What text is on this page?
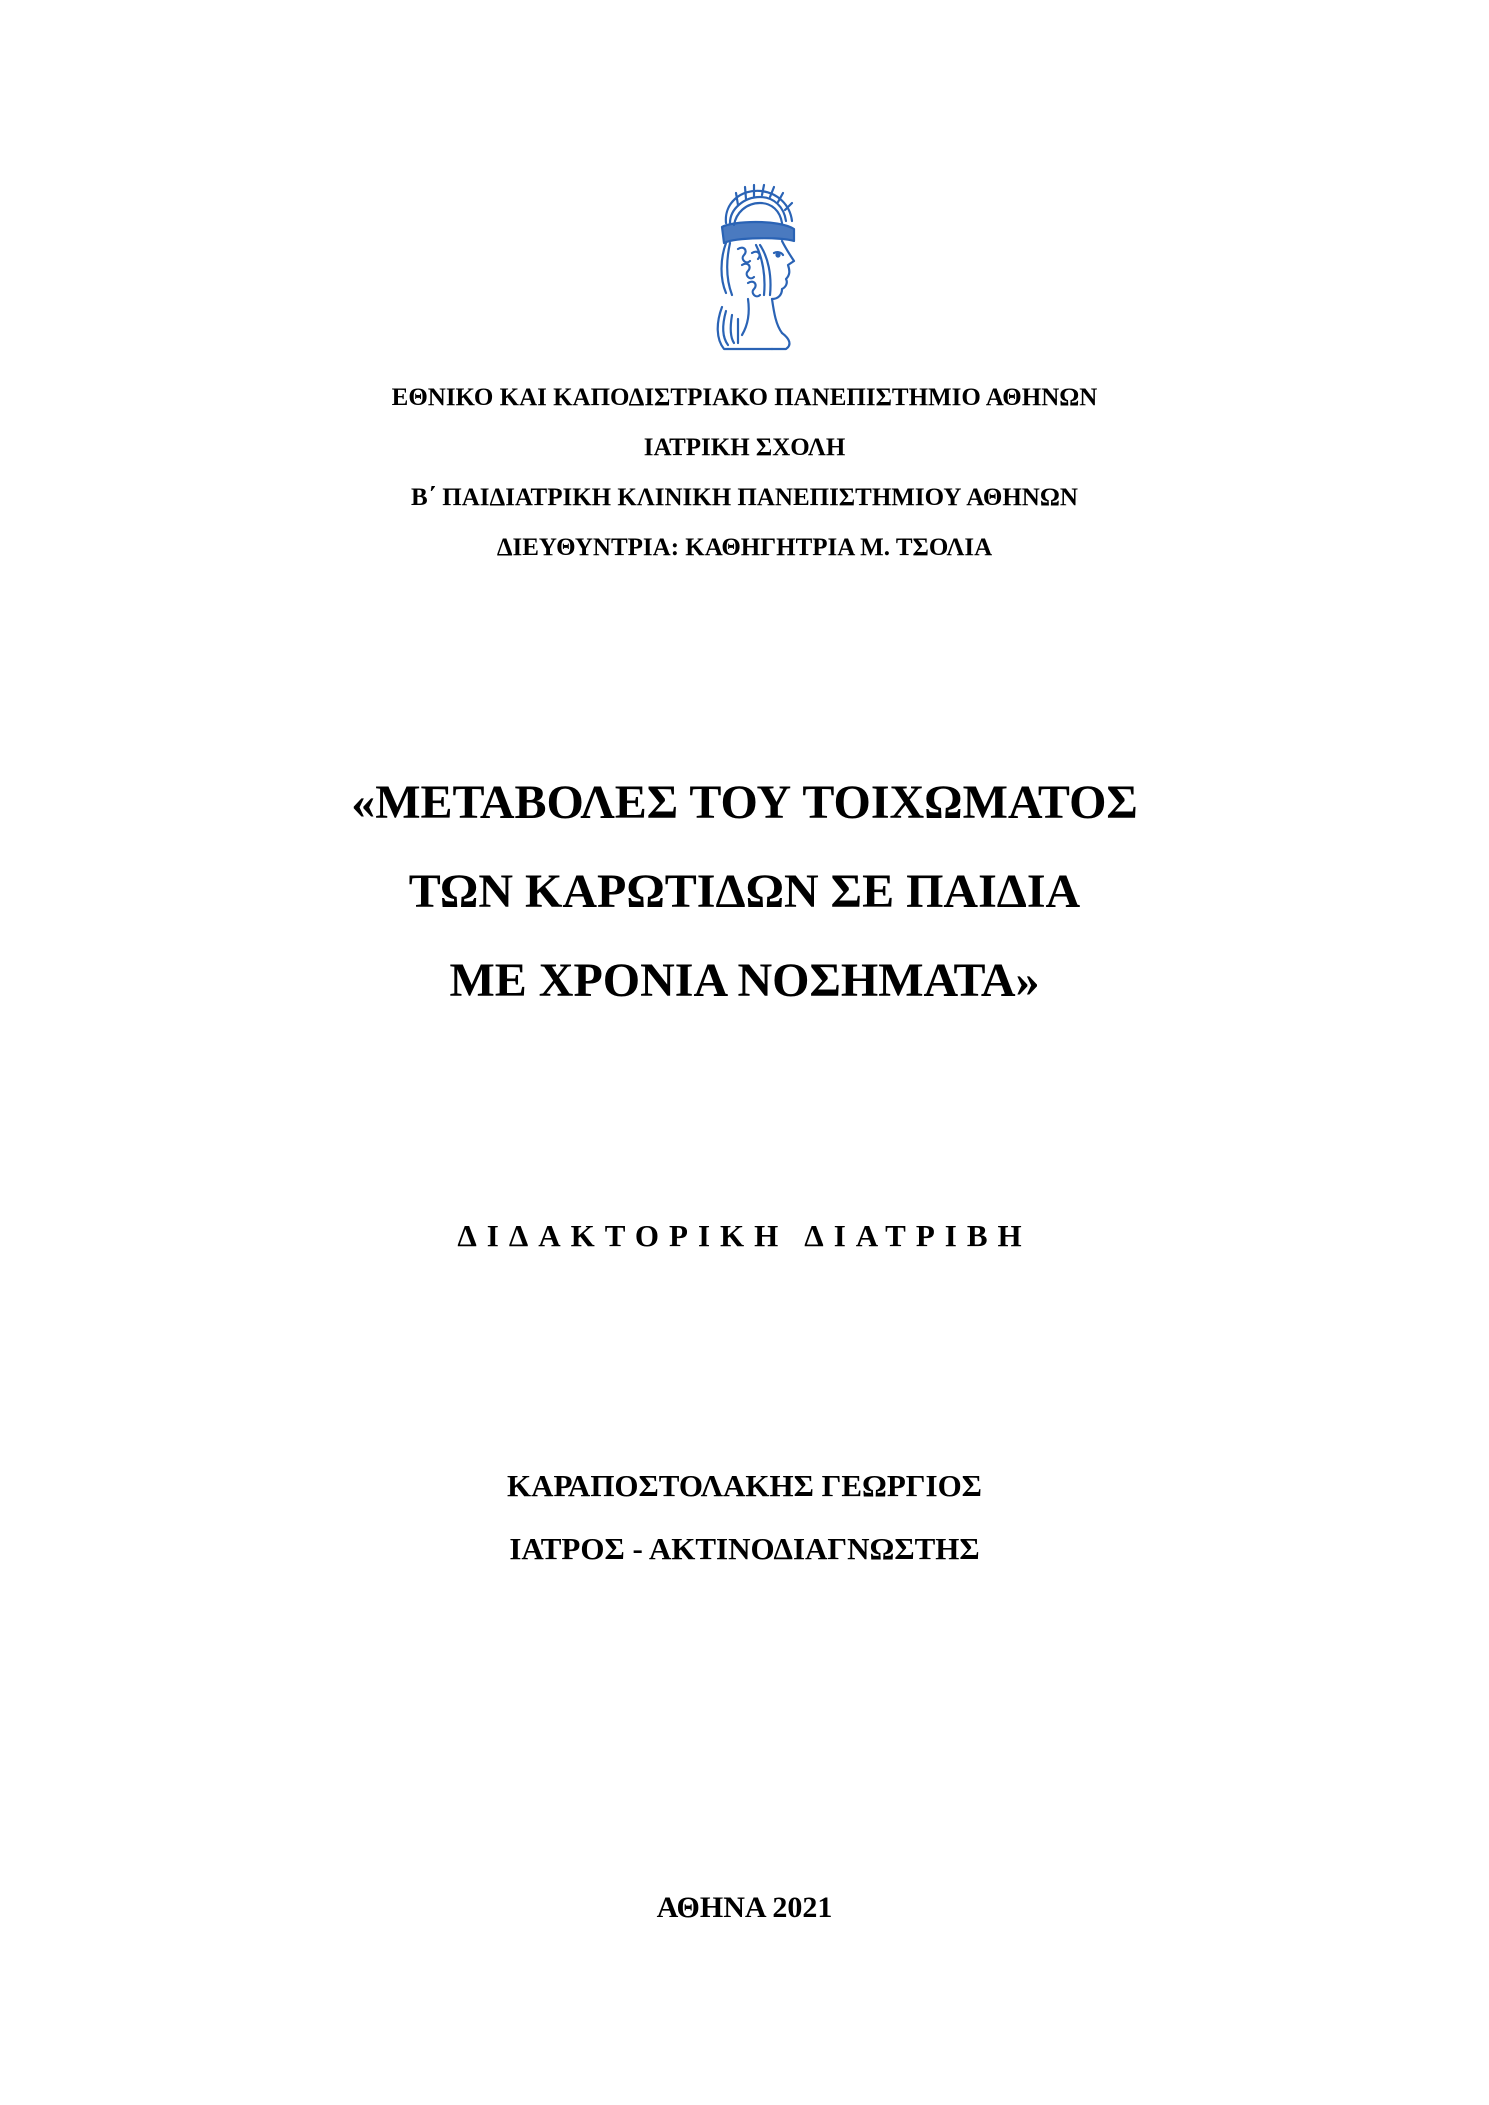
ΕΘΝΙΚΟ ΚΑΙ ΚΑΠΟΔΙΣΤΡΙΑΚΟ ΠΑΝΕΠΙΣΤΗΜΙΟ ΑΘΗΝΩΝ
ΙΑΤΡΙΚΗ ΣΧΟΛΗ
Β΄ ΠΑΙΔΙΑΤΡΙΚΗ ΚΛΙΝΙΚΗ ΠΑΝΕΠΙΣΤΗΜΙΟΥ ΑΘΗΝΩΝ
ΔΙΕΥΘΥΝΤΡΙΑ: ΚΑΘΗΓΗΤΡΙΑ Μ. ΤΣΟΛΙΑ
«ΜΕΤΑΒΟΛΕΣ ΤΟΥ ΤΟΙΧΩΜΑΤΟΣ
ΤΩΝ ΚΑΡΩΤΙΔΩΝ ΣΕ ΠΑΙΔΙΑ
ΜΕ ΧΡΟΝΙΑ ΝΟΣΗΜΑΤΑ»
ΔΙΔΑΚΤΟΡΙΚΗ ΔΙΑΤΡΙΒΗ
ΚΑΡΑΠΟΣΤΟΛΑΚΗΣ ΓΕΩΡΓΙΟΣ
ΙΑΤΡΟΣ - ΑΚΤΙΝΟΔΙΑΓΝΩΣΤΗΣ
ΑΘΗΝΑ 2021
